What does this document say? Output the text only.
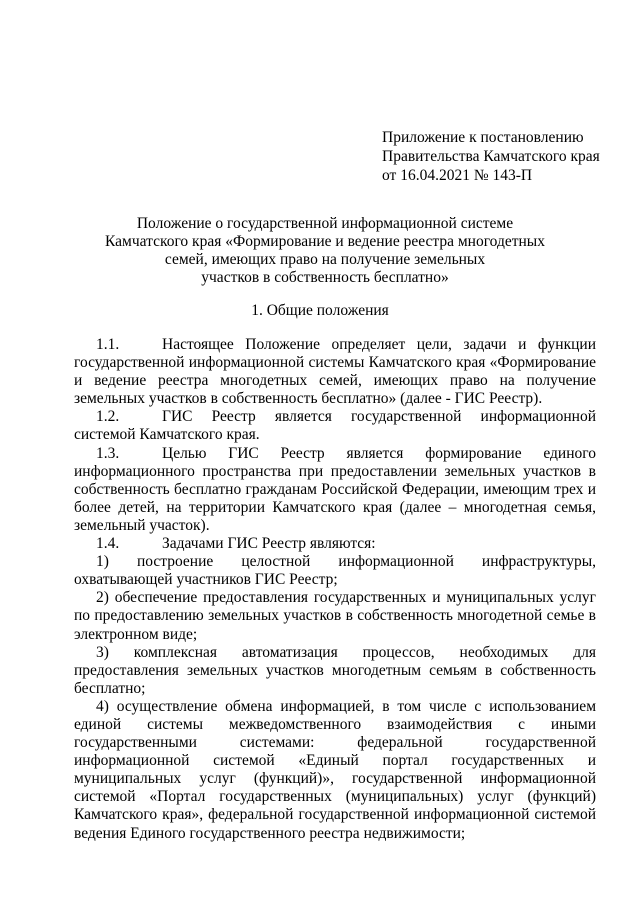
Приложение к постановлению
Правительства Камчатского края
от 16.04.2021 № 143-П
Положение о государственной информационной системе
Камчатского края «Формирование и ведение реестра многодетных
семей, имеющих право на получение земельных
участков в собственность бесплатно»
1. Общие положения

1.1.	Настоящее Положение определяет цели, задачи и функции государственной информационной системы Камчатского края «Формирование и ведение реестра многодетных семей, имеющих право на получение земельных участков в собственность бесплатно» (далее - ГИС Реестр).

1.2.	ГИС Реестр является государственной информационной системой Камчатского края.

1.3.	Целью ГИС Реестр является формирование единого информационного пространства при предоставлении земельных участков в собственность бесплатно гражданам Российской Федерации, имеющим трех и более детей, на территории Камчатского края (далее – многодетная семья, земельный участок).

1.4.	Задачами ГИС Реестр являются:

1) построение целостной информационной инфраструктуры, охватывающей участников ГИС Реестр;

2) обеспечение предоставления государственных и муниципальных услуг по предоставлению земельных участков в собственность многодетной семье в электронном виде;

3) комплексная автоматизация процессов, необходимых для предоставления земельных участков многодетным семьям в собственность бесплатно;

4) осуществление обмена информацией, в том числе с использованием единой системы межведомственного взаимодействия с иными государственными системами: федеральной государственной информационной системой «Единый портал государственных и муниципальных услуг (функций)», государственной информационной системой «Портал государственных (муниципальных) услуг (функций) Камчатского края», федеральной государственной информационной системой ведения Единого государственного реестра недвижимости;
